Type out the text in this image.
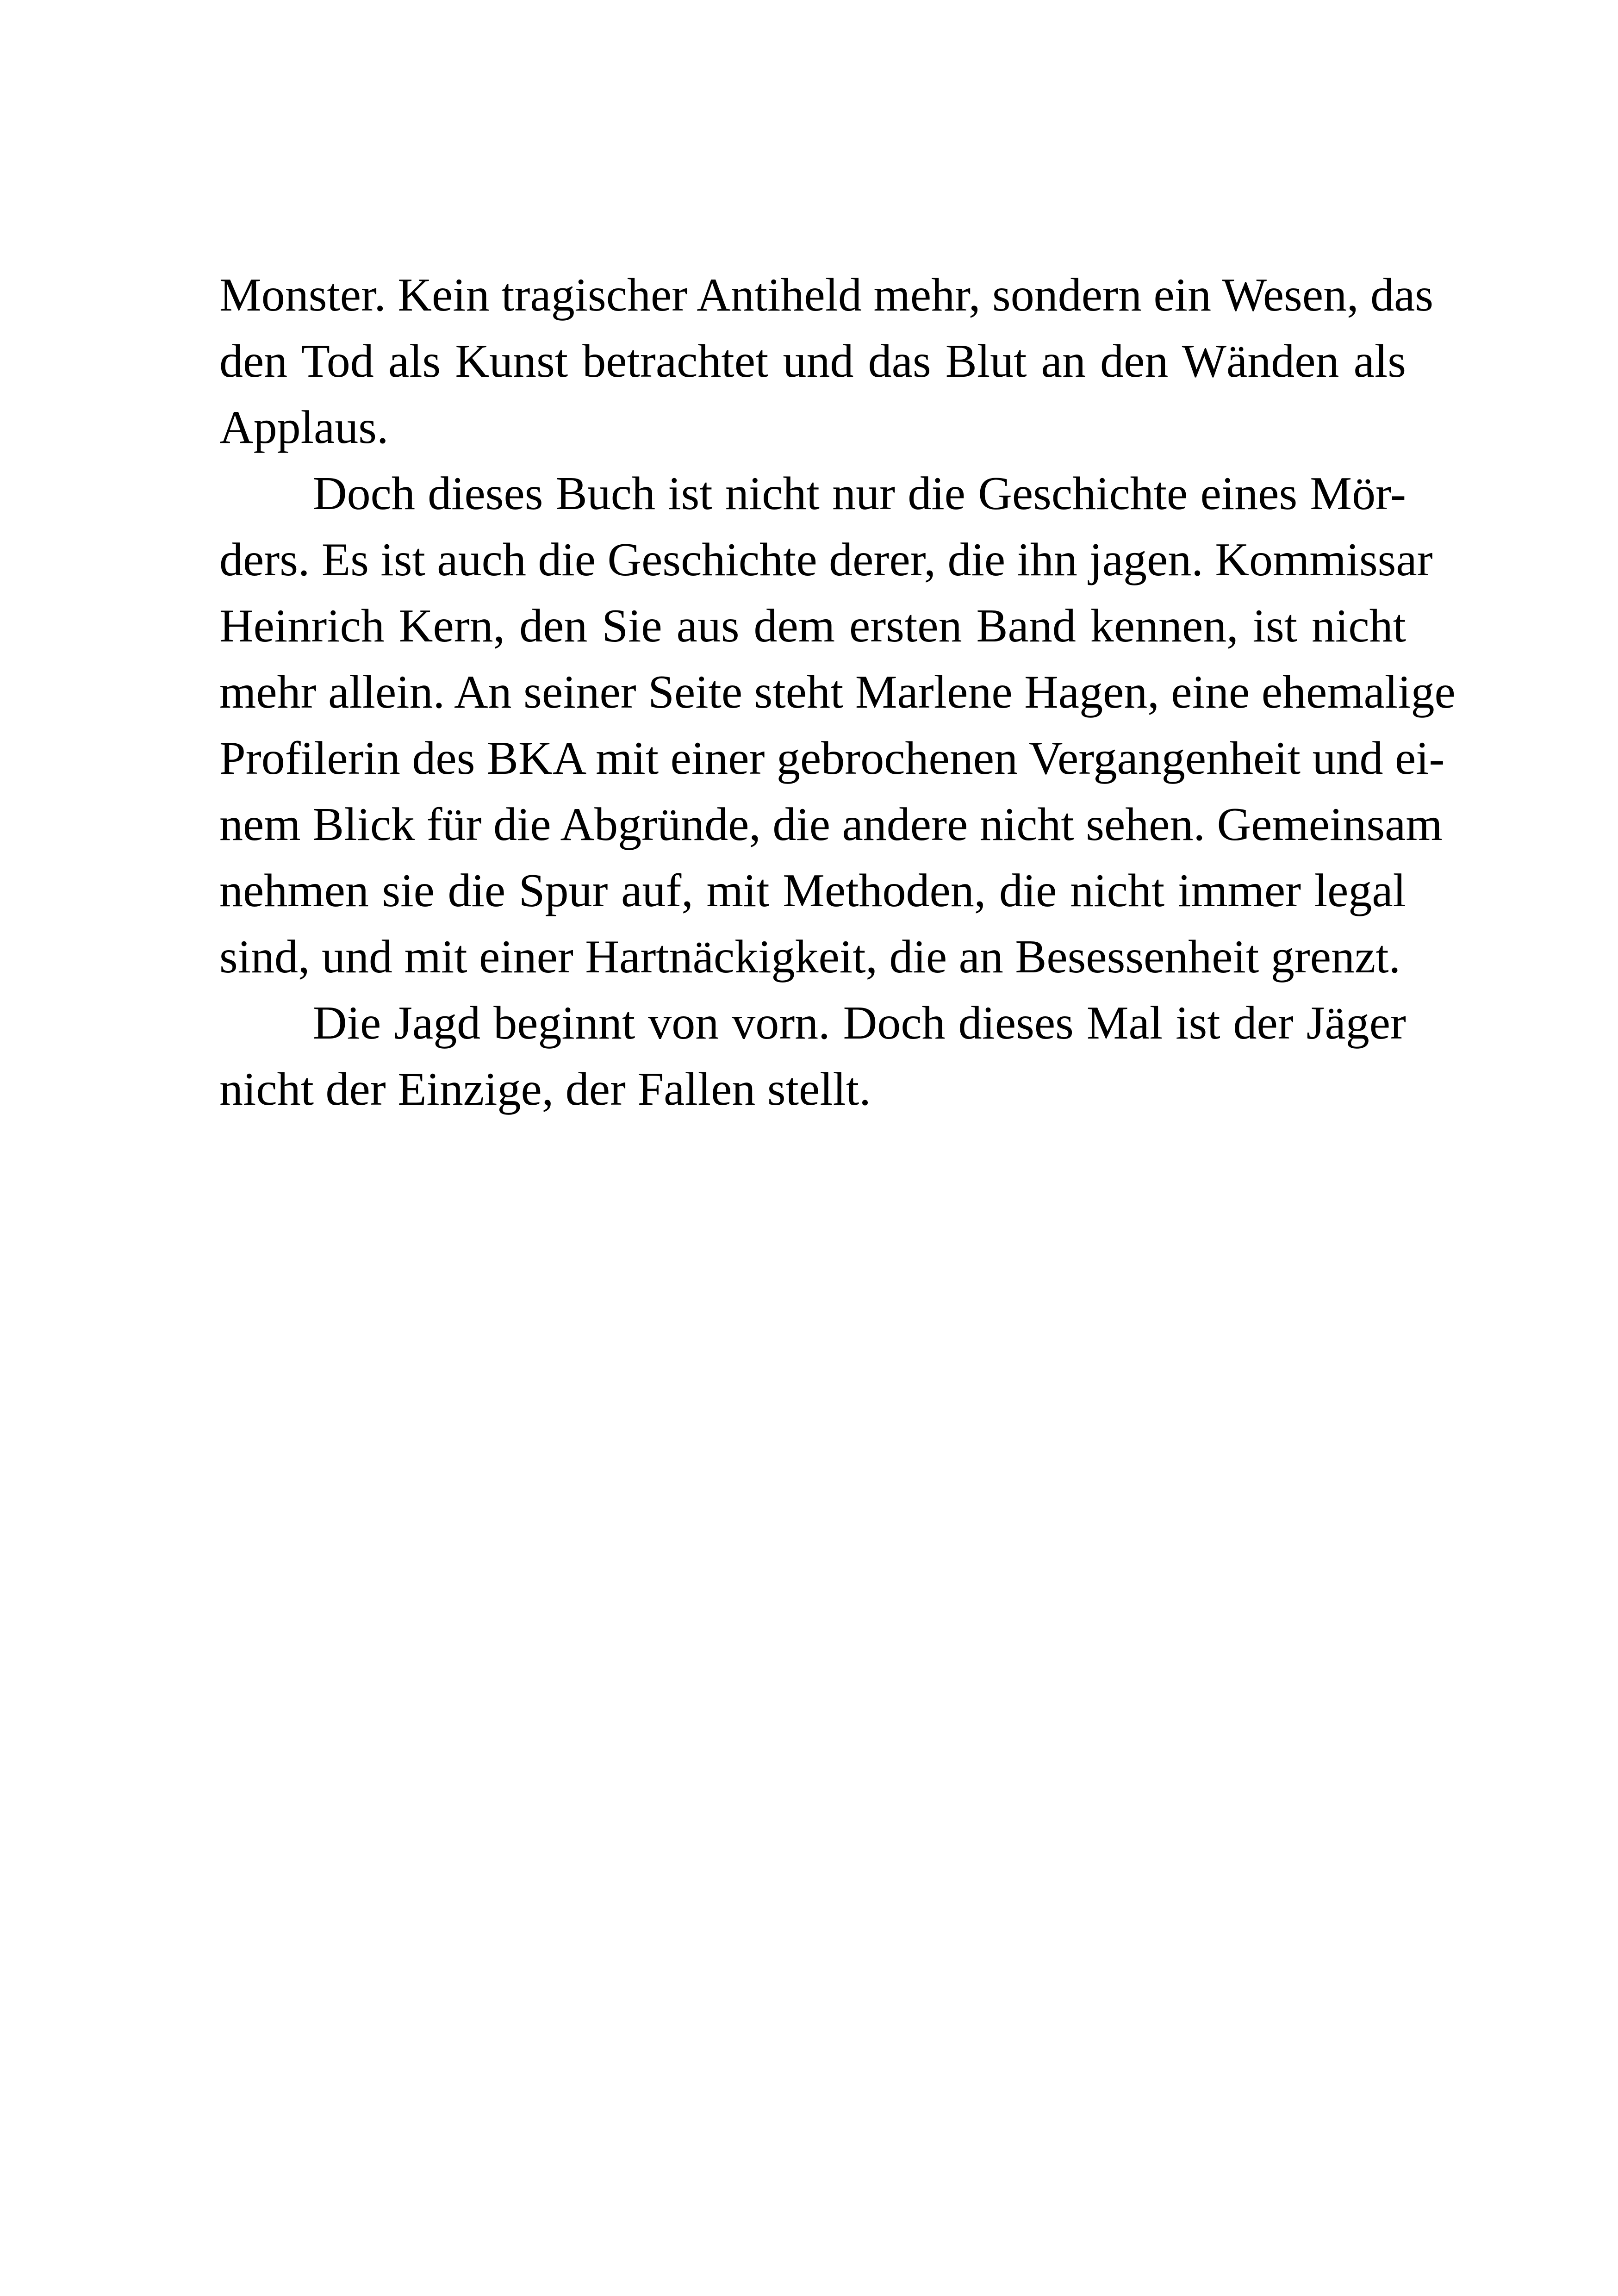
Monster. Kein tragischer Antiheld mehr, sondern ein Wesen, das
den Tod als Kunst betrachtet und das Blut an den Wänden als
Applaus.
Doch dieses Buch ist nicht nur die Geschichte eines Mör-
ders. Es ist auch die Geschichte derer, die ihn jagen. Kommissar
Heinrich Kern, den Sie aus dem ersten Band kennen, ist nicht
mehr allein. An seiner Seite steht Marlene Hagen, eine ehemalige
Profilerin des BKA mit einer gebrochenen Vergangenheit und ei-
nem Blick für die Abgründe, die andere nicht sehen. Gemeinsam
nehmen sie die Spur auf, mit Methoden, die nicht immer legal
sind, und mit einer Hartnäckigkeit, die an Besessenheit grenzt.
Die Jagd beginnt von vorn. Doch dieses Mal ist der Jäger
nicht der Einzige, der Fallen stellt.
